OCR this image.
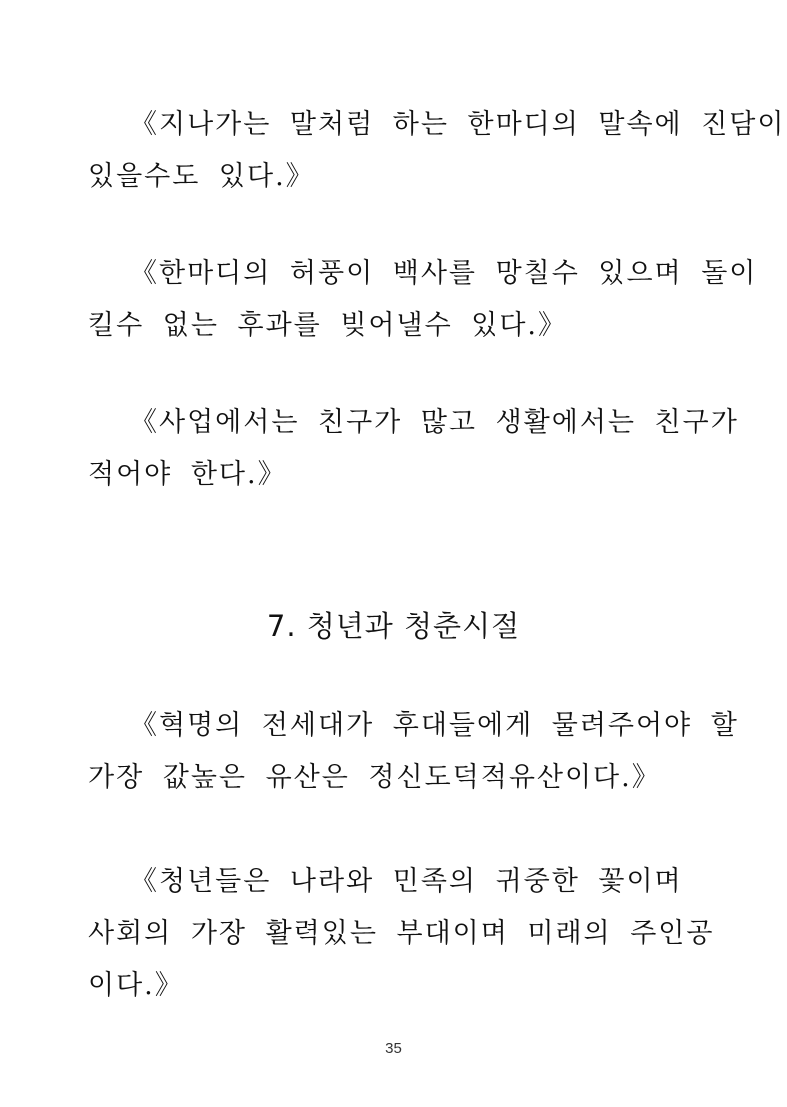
《지나가는 말처럼 하는 한마디의 말속에 진담이
있을수도 있다.》

《한마디의 허풍이 백사를 망칠수 있으며 돌이
킬수 없는 후과를 빚어낼수 있다.》

《사업에서는 친구가 많고 생활에서는 친구가
적어야 한다.》

7. 청년과 청춘시절

《혁명의 전세대가 후대들에게 물려주어야 할
가장 값높은 유산은 정신도덕적유산이다.》

《청년들은 나라와 민족의 귀중한 꽃이며
사회의 가장 활력있는 부대이며 미래의 주인공
이다.》

35
